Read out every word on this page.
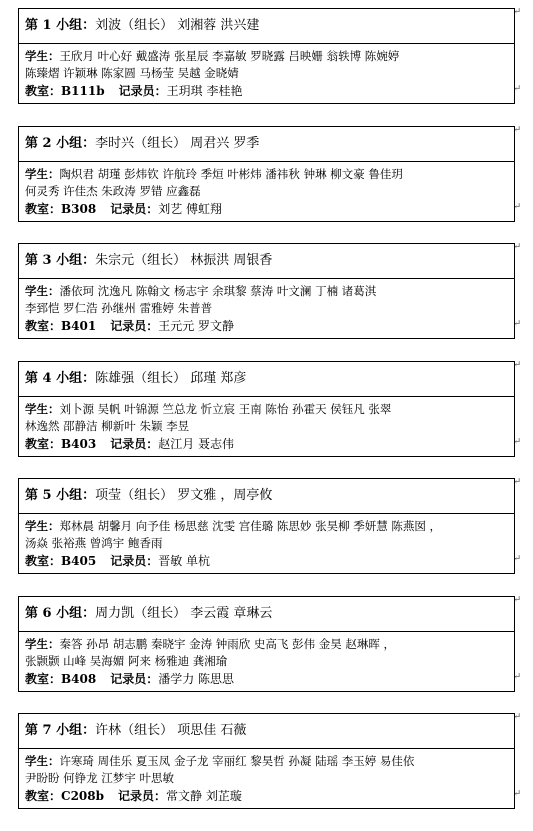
第 1 小组：刘波（组长） 刘湘蓉 洪兴建
↵
学生：王欣月 叶心好 戴盛涛 张星辰 李嘉敏 罗晓露 吕映姗 翁轶博 陈婉婷
陈臻熠 许颖琳 陈家圆 马杨莹 吴越 金晓婧
教室：B111b 记录员：王玥琪 李桂艳	↵
第 2 小组：李时兴（组长） 周君兴 罗季
↵
学生：陶炽君 胡瑾 彭炜钦 许航玲 季烜 叶彬炜 潘祎秋 钟琳 柳文豪 鲁佳玥
何灵秀 许佳杰 朱政涛 罗错 应鑫磊
教室：B308 记录员：刘艺 傅虹翔	↵
第 3 小组：朱宗元（组长） 林振洪 周银香
↵
学生：潘依珂 沈逸凡 陈翰文 杨志宇 余琪黎 蔡涛 叶文澜 丁楠 诸葛淇
李郅恺 罗仁浩 孙继州 雷雅婷 朱普普
教室：B401 记录员：王元元 罗文静	↵
第 4 小组：陈雄强（组长） 邱瑾 郑彦
↵
学生：刘卜源 吴帆 叶锦源 竺总龙 忻立宸 王南 陈怡 孙霍天 侯钰凡 张翠
林逸然 邵静洁 柳新叶 朱颖 李昱
教室：B403 记录员：赵江月 聂志伟	↵
第 5 小组：项莹（组长） 罗文雅 ，周亭攸
↵
学生：郑林晨 胡馨月 向予佳 杨思慈 沈雯 宫佳璐 陈思妙 张昊柳 季妍慧 陈燕囡 ，
汤焱 张裕燕 曾鸿宇 鲍香雨
教室：B405 记录员：晋敏 单杭	↵
第 6 小组：周力凯（组长） 李云霞 章琳云
↵
学生：秦答 孙昂 胡志鹏 秦晓宇 金涛 钟雨欣 史高飞 彭伟 金昊 赵琳晖 ，
张颢颢 山峰 吴海媚 阿来 杨雅迪 龚湘瑜
教室：B408 记录员：潘学力 陈思思	↵
第 7 小组：许林（组长） 项思佳 石薇
↵
学生：许寒琦 周佳乐 夏玉凤 金子龙 宰丽红 黎昊哲 孙凝 陆瑶 李玉婷 易佳依
尹盼盼 何铮龙 江梦宇 叶思敏
教室：C208b 记录员：常文静 刘芷璇	↵
